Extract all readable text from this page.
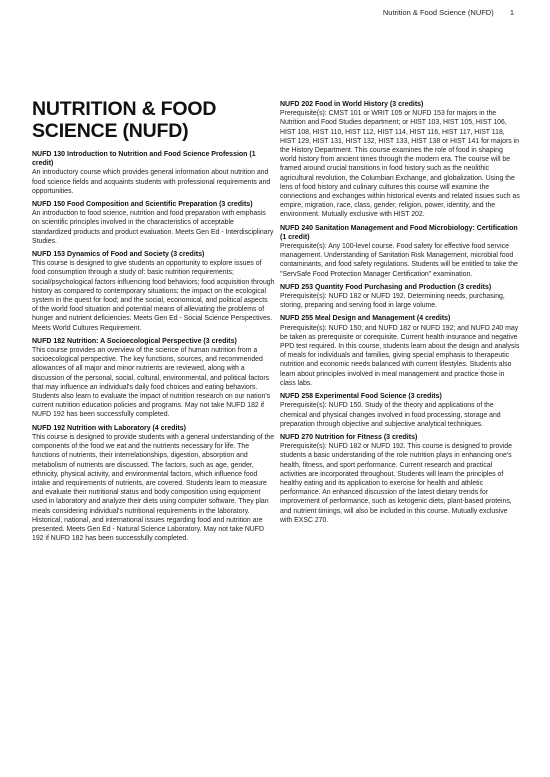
Nutrition & Food Science (NUFD) 1
NUTRITION & FOOD SCIENCE (NUFD)

NUFD 130 Introduction to Nutrition and Food Science Profession (1 credit)

An introductory course which provides general information about nutrition and food science fields and acquaints students with professional requirements and opportunities.

NUFD 150 Food Composition and Scientific Preparation (3 credits)

An introduction to food science, nutrition and food preparation with emphasis on scientific principles involved in the characteristics of acceptable standardized products and product evaluation. Meets Gen Ed - Interdisciplinary Studies.

NUFD 153 Dynamics of Food and Society (3 credits)

This course is designed to give students an opportunity to explore issues of food consumption through a study of: basic nutrition requirements; social/psychological factors influencing food behaviors; food acquisition through history as compared to contemporary situations; the impact on the ecological system in the quest for food; and the social, economical, and political aspects of the world food situation and potential means of alleviating the problems of hunger and nutrient deficiencies. Meets Gen Ed - Social Science Perspectives. Meets World Cultures Requirement.

NUFD 182 Nutrition: A Socioecological Perspective (3 credits)

This course provides an overview of the science of human nutrition from a socioecological perspective. The key functions, sources, and recommended allowances of all major and minor nutrients are reviewed, along with a discussion of the personal, social, cultural, environmental, and political factors that may influence an individual's daily food choices and eating behaviors. Students also learn to evaluate the impact of nutrition research on our nation's current nutrition education policies and programs. May not take NUFD 182 if NUFD 192 has been successfully completed.

NUFD 192 Nutrition with Laboratory (4 credits)

This course is designed to provide students with a general understanding of the components of the food we eat and the nutrients necessary for life. The functions of nutrients, their interrelationships, digestion, absorption and metabolism of nutrients are discussed. The factors, such as age, gender, ethnicity, physical activity, and environmental factors, which influence food intake and requirements of nutrients, are covered. Students learn to measure and evaluate their nutritional status and body composition using equipment used in laboratory and analyze their diets using computer software. They plan meals considering individual's nutritional requirements in the laboratory. Historical, national, and international issues regarding food and nutrition are presented. Meets Gen Ed - Natural Science Laboratory. May not take NUFD 192 if NUFD 182 has been successfully completed.

NUFD 202 Food in World History (3 credits)

Prerequisite(s): CMST 101 or WRIT 105 or NUFD 153 for majors in the Nutrition and Food Studies department; or HIST 103, HIST 105, HIST 106, HIST 108, HIST 110, HIST 112, HIST 114, HIST 116, HIST 117, HIST 118, HIST 129, HIST 131, HIST 132, HIST 133, HIST 138 or HIST 141 for majors in the History Department. This course examines the role of food in shaping world history from ancient times through the modern era. The course will be framed around crucial transitions in food history such as the neolithic agricultural revolution, the Columbian Exchange, and globalization. Using the lens of food history and culinary cultures this course will examine the connections and exchanges within historical events and related issues such as empire, migration, race, class, gender, religion, power, identity, and the environment. Mutually exclusive with HIST 202.

NUFD 240 Sanitation Management and Food Microbiology: Certification (1 credit)

Prerequisite(s): Any 100-level course. Food safety for effective food service management. Understanding of Sanitation Risk Management, microbial food contaminants, and food safety regulations. Students will be entitled to take the "ServSafe Food Protection Manager Certification" examination.

NUFD 253 Quantity Food Purchasing and Production (3 credits)

Prerequisite(s): NUFD 182 or NUFD 192. Determining needs, purchasing, storing, preparing and serving food in large volume.

NUFD 255 Meal Design and Management (4 credits)

Prerequisite(s): NUFD 150; and NUFD 182 or NUFD 192; and NUFD 240 may be taken as prerequisite or corequisite. Current health insurance and negative PPD test required. In this course, students learn about the design and analysis of meals for individuals and families, giving special emphasis to therapeutic nutrition and economic needs balanced with current lifestyles. Students also learn about principles involved in meal management and practice those in class labs.

NUFD 258 Experimental Food Science (3 credits)

Prerequisite(s): NUFD 150. Study of the theory and applications of the chemical and physical changes involved in food processing, storage and preparation through objective and subjective analytical techniques.

NUFD 270 Nutrition for Fitness (3 credits)

Prerequisite(s): NUFD 182 or NUFD 192. This course is designed to provide students a basic understanding of the role nutrition plays in enhancing one's health, fitness, and sport performance. Current research and practical activities are incorporated throughout. Students will learn the principles of healthy eating and its application to exercise for health and athletic performance. An enhanced discussion of the latest dietary trends for improvement of performance, such as ketogenic diets, plant-based proteins, and nutrient timings, will also be included in this course. Mutually exclusive with EXSC 270.
